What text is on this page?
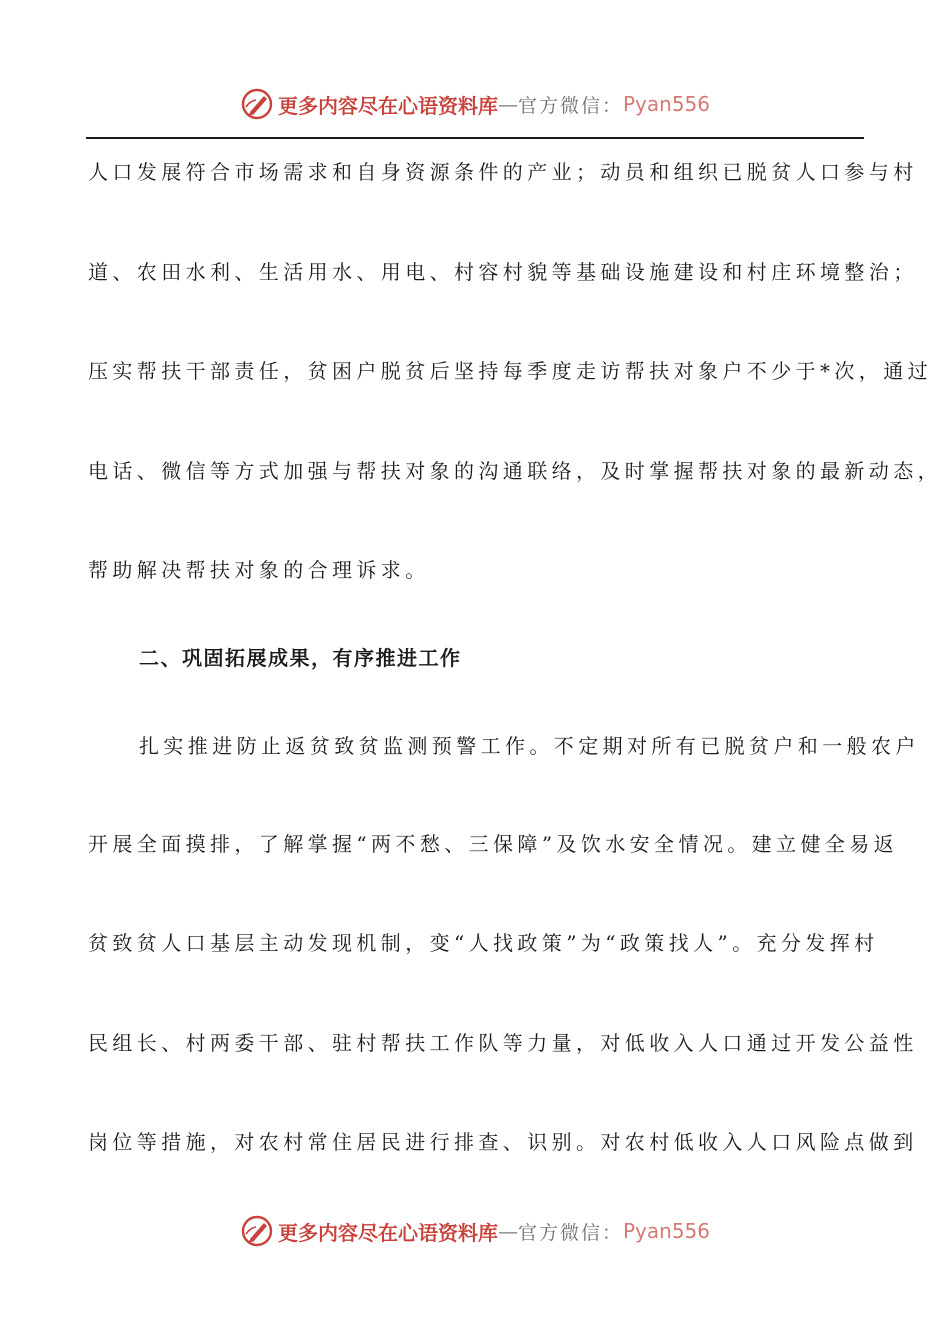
更多内容尽在心语资料库 — 官方微信： Pyan556
人口发展符合市场需求和自身资源条件的产业；动员和组织已脱贫人口参与村
道、农田水利、生活用水、用电、村容村貌等基础设施建设和村庄环境整治；
压实帮扶干部责任，贫困户脱贫后坚持每季度走访帮扶对象户不少于*次，通过
电话、微信等方式加强与帮扶对象的沟通联络，及时掌握帮扶对象的最新动态，
帮助解决帮扶对象的合理诉求。
二、巩固拓展成果，有序推进工作
扎实推进防止返贫致贫监测预警工作。不定期对所有已脱贫户和一般农户
开展全面摸排，了解掌握“两不愁、三保障”及饮水安全情况。建立健全易返
贫致贫人口基层主动发现机制，变“人找政策”为“政策找人”。充分发挥村
民组长、村两委干部、驻村帮扶工作队等力量，对低收入人口通过开发公益性
岗位等措施，对农村常住居民进行排查、识别。对农村低收入人口风险点做到
更多内容尽在心语资料库 — 官方微信： Pyan556
